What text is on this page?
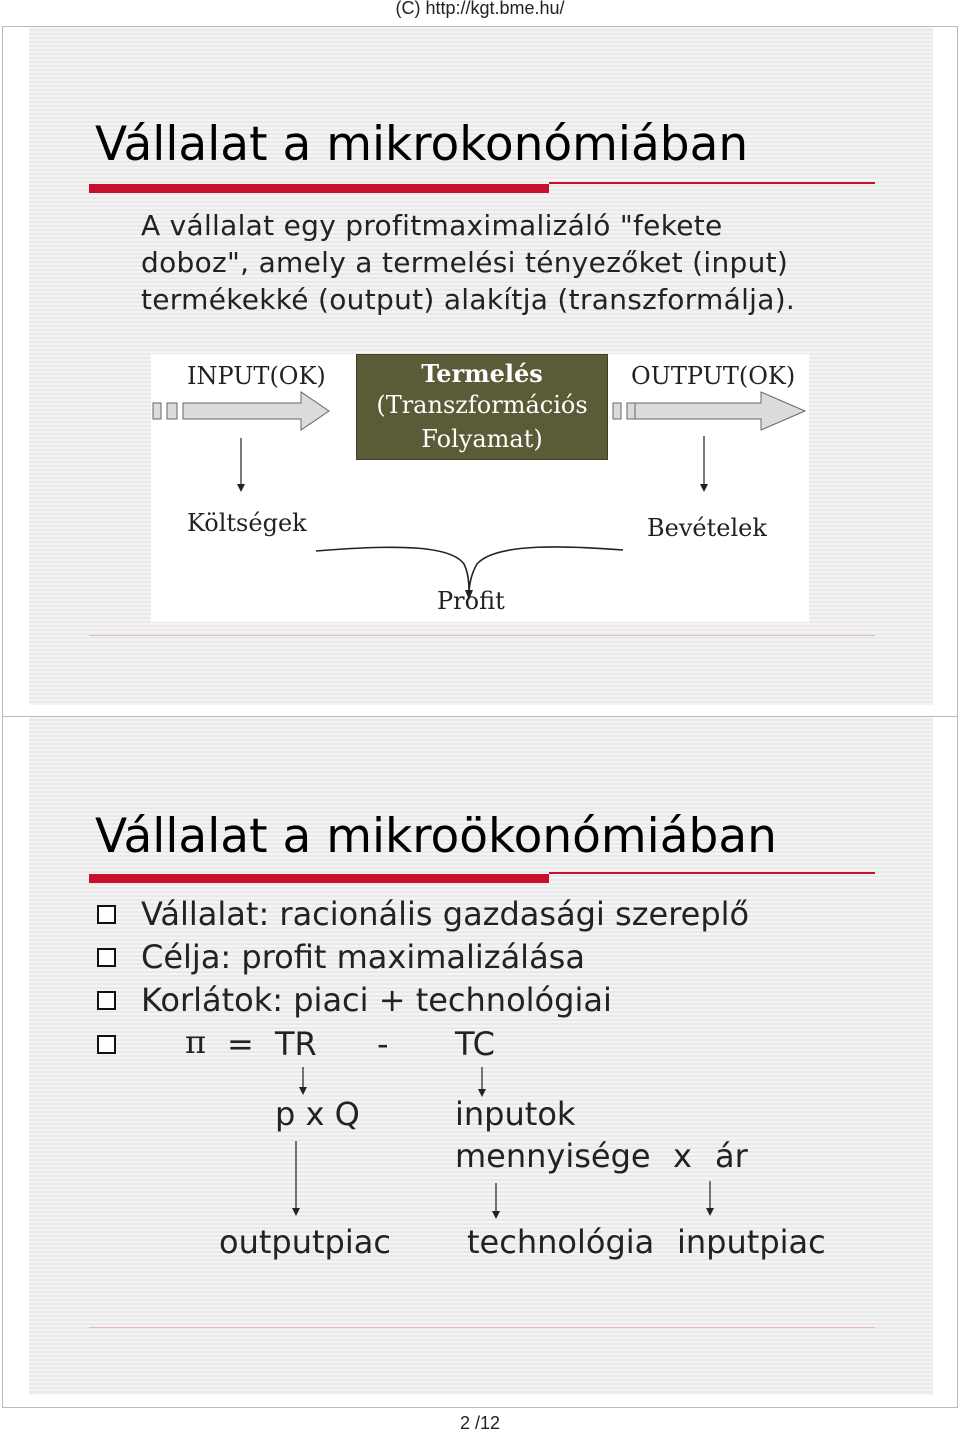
(C) http://kgt.bme.hu/
Vállalat a mikrokonómiában
A vállalat egy profitmaximalizáló "fekete
doboz", amely a termelési tényezőket (input)
termékekké (output) alakítja (transzformálja).
INPUT(OK)	OUTPUT(OK)
Termelés
(Transzformációs
Folyamat)
Költségek	Bevételek
Profit
Vállalat a mikroökonómiában
Vállalat: racionális gazdasági szereplő
Célja: profit maximalizálása
Korlátok: piaci + technológiai
π = TR - TC
p x Q	inputok
mennyisége x ár
outputpiac technológia inputpiac
2 /12
